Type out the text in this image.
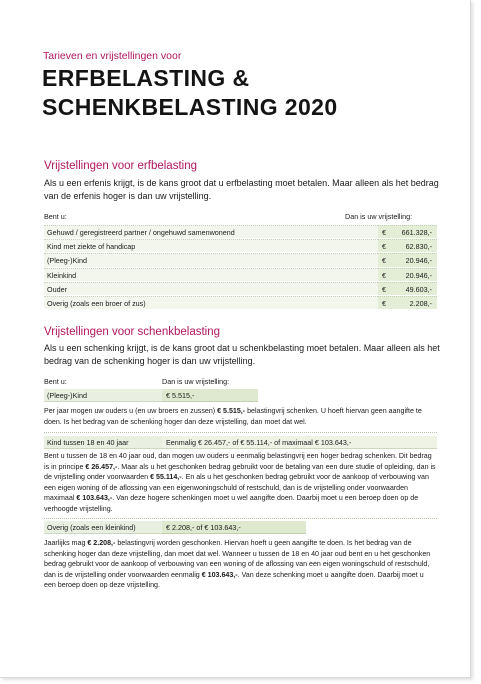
Tarieven en vrijstellingen voor
ERFBELASTING &
SCHENKBELASTING 2020
Vrijstellingen voor erfbelasting

Als u een erfenis krijgt, is de kans groot dat u erfbelasting moet betalen. Maar alleen als het bedrag van de erfenis hoger is dan uw vrijstelling.

Bent u:	Dan is uw vrijstelling:
Gehuwd / geregistreerd partner / ongehuwd samenwonend	€ 661.328,-
Kind met ziekte of handicap	€	62.830,-
(Pleeg-)Kind	€	20.946,-
Kleinkind	€	20.946,-
Ouder	€	49.603,-
Overig (zoals een broer of zus)	€	2.208,-
Vrijstellingen voor schenkbelasting

Als u een schenking krijgt, is de kans groot dat u schenkbelasting moet betalen. Maar alleen als het bedrag van de schenking hoger is dan uw vrijstelling.

Bent u:	Dan is uw vrijstelling:
(Pleeg-)Kind	€ 5.515,-

Per jaar mogen uw ouders u (en uw broers en zussen) € 5.515,- belastingvrij schenken. U hoeft hiervan geen aangifte te doen. Is het bedrag van de schenking hoger dan deze vrijstelling, dan moet dat wel.

Kind tussen 18 en 40 jaar	Eenmalig € 26.457,- of € 55.114,- of maximaal € 103.643,-

Bent u tussen de 18 en 40 jaar oud, dan mogen uw ouders u eenmalig belastingvrij een hoger bedrag schenken. Dit bedrag is in principe € 26.457,-. Maar als u het geschonken bedrag gebruikt voor de betaling van een dure studie of opleiding, dan is de vrijstelling onder voorwaarden € 55.114,-. En als u het geschonken bedrag gebruikt voor de aankoop of verbouwing van een eigen woning of de aflossing van een eigenwoningschuld of restschuld, dan is de vrijstelling onder voorwaarden maximaal € 103.643,-. Van deze hogere schenkingen moet u wel aangifte doen. Daarbij moet u een beroep doen op de verhoogde vrijstelling.

Overig (zoals een kleinkind)	€ 2.208,- of € 103.643,-

Jaarlijks mag € 2.208,- belastingvrij worden geschonken. Hiervan hoeft u geen aangifte te doen. Is het bedrag van de schenking hoger dan deze vrijstelling, dan moet dat wel. Wanneer u tussen de 18 en 40 jaar oud bent en u het geschonken bedrag gebruikt voor de aankoop of verbouwing van een woning of de aflossing van een eigen woningschuld of restschuld, dan is de vrijstelling onder voorwaarden eenmalig € 103.643,-. Van deze schenking moet u aangifte doen. Daarbij moet u een beroep doen op deze vrijstelling.
